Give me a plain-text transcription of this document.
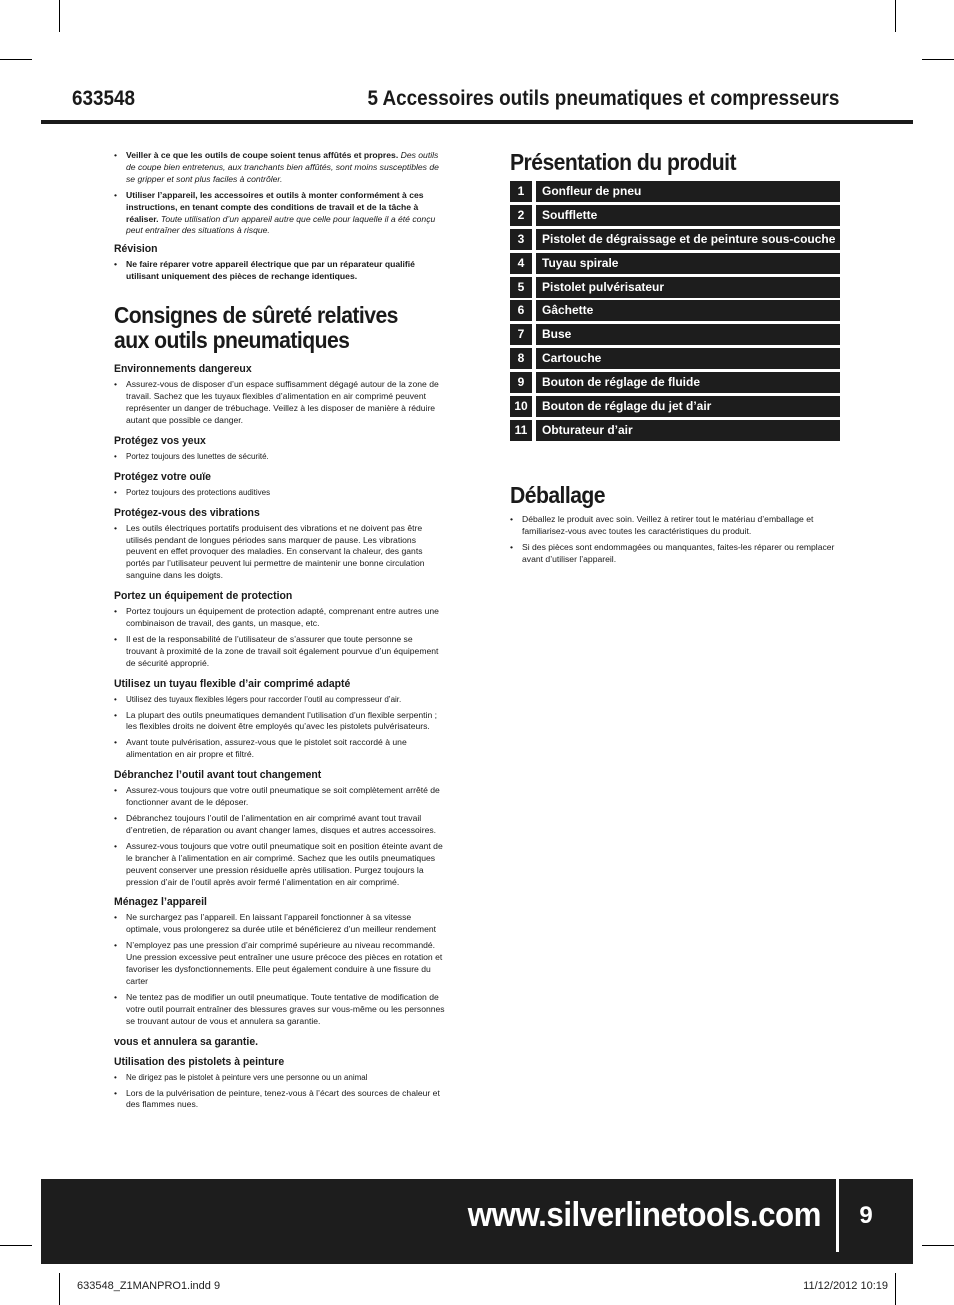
633548	5 Accessoires outils pneumatiques et compresseurs
• Veiller à ce que les outils de coupe soient tenus affûtés et propres. Des outils de coupe bien entretenus, aux tranchants bien affûtés, sont moins susceptibles de se gripper et sont plus faciles à contrôler.
• Utiliser l’appareil, les accessoires et outils à monter conformément à ces instructions, en tenant compte des conditions de travail et de la tâche à réaliser. Toute utilisation d’un appareil autre que celle pour laquelle il a été conçu peut entraîner des situations à risque.
Révision
• Ne faire réparer votre appareil électrique que par un réparateur qualifié utilisant uniquement des pièces de rechange identiques.
Consignes de sûreté relatives aux outils pneumatiques
Environnements dangereux
• Assurez-vous de disposer d’un espace suffisamment dégagé autour de la zone de travail. Sachez que les tuyaux flexibles d’alimentation en air comprimé peuvent représenter un danger de trébuchage. Veillez à les disposer de manière à réduire autant que possible ce danger.
Protégez vos yeux
• Portez toujours des lunettes de sécurité.
Protégez votre ouïe
• Portez toujours des protections auditives
Protégez-vous des vibrations
• Les outils électriques portatifs produisent des vibrations et ne doivent pas être utilisés pendant de longues périodes sans marquer de pause. Les vibrations peuvent en effet provoquer des maladies. En conservant la chaleur, des gants portés par l’utilisateur peuvent lui permettre de maintenir une bonne circulation sanguine dans les doigts.
Portez un équipement de protection
• Portez toujours un équipement de protection adapté, comprenant entre autres une combinaison de travail, des gants, un masque, etc.
• Il est de la responsabilité de l’utilisateur de s’assurer que toute personne se trouvant à proximité de la zone de travail soit également pourvue d’un équipement de sécurité approprié.
Utilisez un tuyau flexible d’air comprimé adapté
• Utilisez des tuyaux flexibles légers pour raccorder l’outil au compresseur d’air.
• La plupart des outils pneumatiques demandent l’utilisation d’un flexible serpentin ; les flexibles droits ne doivent être employés qu’avec les pistolets pulvérisateurs.
• Avant toute pulvérisation, assurez-vous que le pistolet soit raccordé à une alimentation en air propre et filtré.
Débranchez l’outil avant tout changement
• Assurez-vous toujours que votre outil pneumatique se soit complètement arrêté de fonctionner avant de le déposer.
• Débranchez toujours l’outil de l’alimentation en air comprimé avant tout travail d’entretien, de réparation ou avant changer lames, disques et autres accessoires.
• Assurez-vous toujours que votre outil pneumatique soit en position éteinte avant de le brancher à l’alimentation en air comprimé. Sachez que les outils pneumatiques peuvent conserver une pression résiduelle après utilisation. Purgez toujours la pression d’air de l’outil après avoir fermé l’alimentation en air comprimé.
Ménagez l’appareil
• Ne surchargez pas l’appareil. En laissant l’appareil fonctionner à sa vitesse optimale, vous prolongerez sa durée utile et bénéficierez d’un meilleur rendement
• N’employez pas une pression d’air comprimé supérieure au niveau recommandé. Une pression excessive peut entraîner une usure précoce des pièces en rotation et favoriser les dysfonctionnements. Elle peut également conduire à une fissure du carter
• Ne tentez pas de modifier un outil pneumatique. Toute tentative de modification de votre outil pourrait entraîner des blessures graves sur vous-même ou les personnes se trouvant autour de vous et annulera sa garantie.
vous et annulera sa garantie.
Utilisation des pistolets à peinture
• Ne dirigez pas le pistolet à peinture vers une personne ou un animal
• Lors de la pulvérisation de peinture, tenez-vous à l’écart des sources de chaleur et des flammes nues.
Présentation du produit
1	Gonfleur de pneu
2	Soufflette
3	Pistolet de dégraissage et de peinture sous-couche
4	Tuyau spirale
5	Pistolet pulvérisateur
6	Gâchette
7	Buse
8	Cartouche
9	Bouton de réglage de fluide
10	Bouton de réglage du jet d’air
11	Obturateur d’air
Déballage
• Déballez le produit avec soin. Veillez à retirer tout le matériau d’emballage et familiarisez-vous avec toutes les caractéristiques du produit.
• Si des pièces sont endommagées ou manquantes, faites-les réparer ou remplacer avant d’utiliser l’appareil.
www.silverlinetools.com	9
633548_Z1MANPRO1.indd 9	11/12/2012 10:19
